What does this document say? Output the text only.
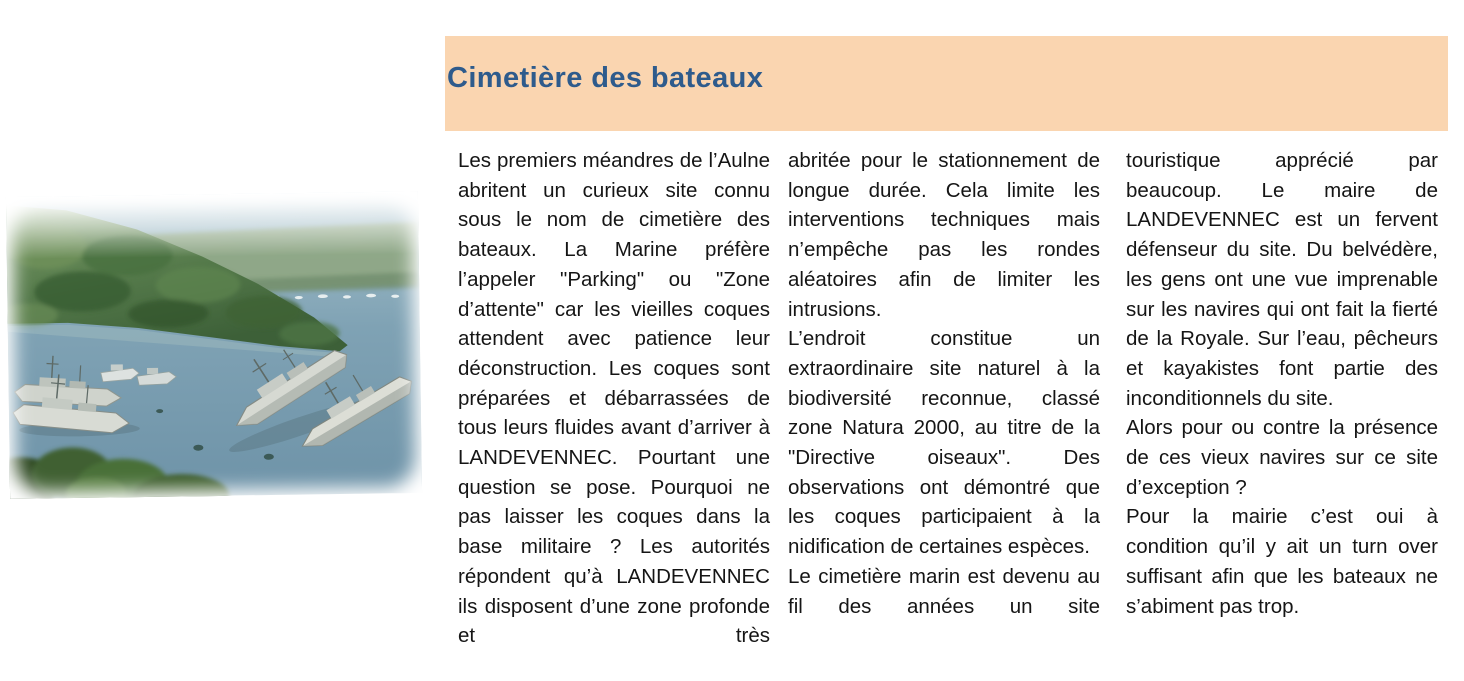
Cimetière des bateaux

Les premiers méandres de l’Aulne abritent un curieux site connu sous le nom de cimetière des bateaux. La Marine préfère l’appeler "Parking" ou "Zone d’attente" car les vieilles coques attendent avec patience leur déconstruction. Les coques sont préparées et débarrassées de tous leurs fluides avant d’arriver à LANDEVENNEC. Pourtant une question se pose. Pourquoi ne pas laisser les coques dans la base militaire ? Les autorités répondent qu’à LANDEVENNEC ils disposent d’une zone profonde et très

abritée pour le stationnement de longue durée. Cela limite les interventions techniques mais n’empêche pas les rondes aléatoires afin de limiter les intrusions.

L’endroit constitue un extraordinaire site naturel à la biodiversité reconnue, classé zone Natura 2000, au titre de la "Directive oiseaux". Des observations ont démontré que les coques participaient à la nidification de certaines espèces.

Le cimetière marin est devenu au fil des années un site

touristique apprécié par beaucoup. Le maire de LANDEVENNEC est un fervent défenseur du site. Du belvédère, les gens ont une vue imprenable sur les navires qui ont fait la fierté de la Royale. Sur l’eau, pêcheurs et kayakistes font partie des inconditionnels du site.

Alors pour ou contre la présence de ces vieux navires sur ce site d’exception ?

Pour la mairie c’est oui à condition qu’il y ait un turn over suffisant afin que les bateaux ne s’abiment pas trop.
